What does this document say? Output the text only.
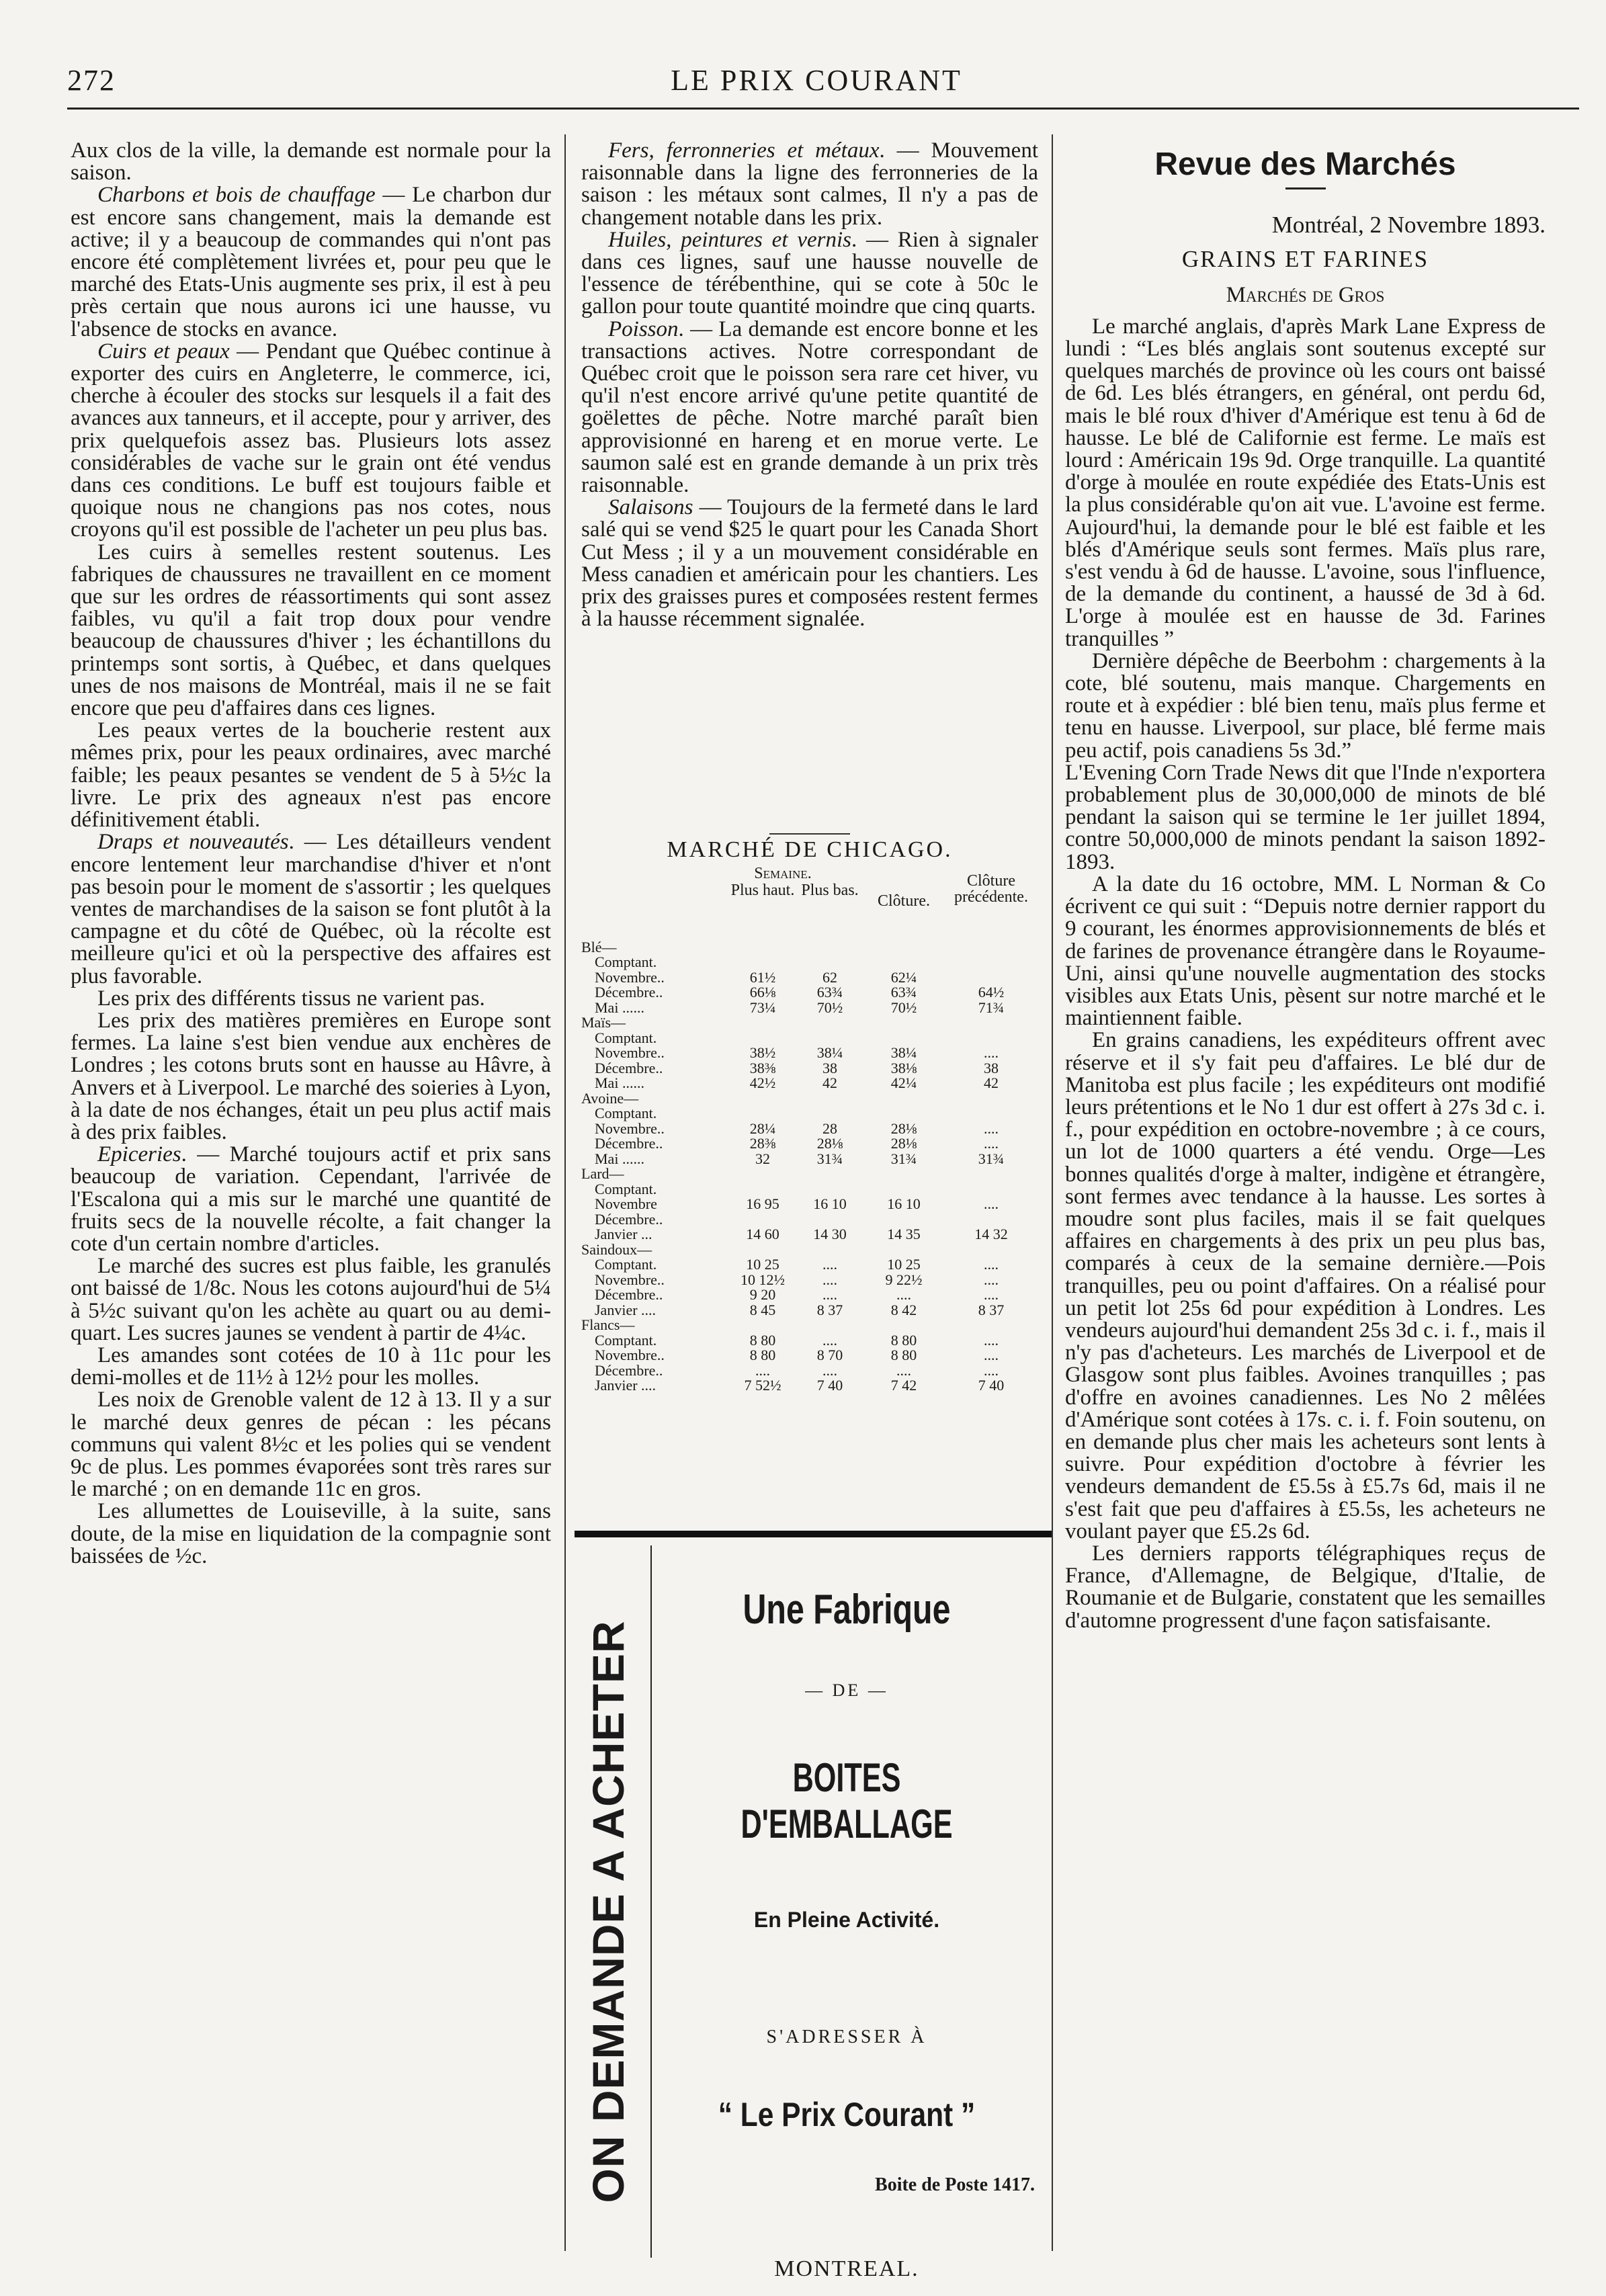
272	LE PRIX COURANT

Aux clos de la ville, la demande est normale pour la saison.

Charbons et bois de chauffage — Le charbon dur est encore sans changement, mais la demande est active; il y a beaucoup de commandes qui n'ont pas encore été complètement livrées et, pour peu que le marché des Etats-Unis augmente ses prix, il est à peu près certain que nous aurons ici une hausse, vu l'absence de stocks en avance.

Cuirs et peaux — Pendant que Québec continue à exporter des cuirs en Angleterre, le commerce, ici, cherche à écouler des stocks sur lesquels il a fait des avances aux tanneurs, et il accepte, pour y arriver, des prix quelquefois assez bas. Plusieurs lots assez considérables de vache sur le grain ont été vendus dans ces conditions. Le buff est toujours faible et quoique nous ne changions pas nos cotes, nous croyons qu'il est possible de l'acheter un peu plus bas.

Les cuirs à semelles restent soutenus. Les fabriques de chaussures ne travaillent en ce moment que sur les ordres de réassortiments qui sont assez faibles, vu qu'il a fait trop doux pour vendre beaucoup de chaussures d'hiver ; les échantillons du printemps sont sortis, à Québec, et dans quelques unes de nos maisons de Montréal, mais il ne se fait encore que peu d'affaires dans ces lignes.

Les peaux vertes de la boucherie restent aux mêmes prix, pour les peaux ordinaires, avec marché faible; les peaux pesantes se vendent de 5 à 5½c la livre. Le prix des agneaux n'est pas encore définitivement établi.

Draps et nouveautés. — Les détailleurs vendent encore lentement leur marchandise d'hiver et n'ont pas besoin pour le moment de s'assortir ; les quelques ventes de marchandises de la saison se font plutôt à la campagne et du côté de Québec, où la récolte est meilleure qu'ici et où la perspective des affaires est plus favorable.

Les prix des différents tissus ne varient pas.

Les prix des matières premières en Europe sont fermes. La laine s'est bien vendue aux enchères de Londres ; les cotons bruts sont en hausse au Hâvre, à Anvers et à Liverpool. Le marché des soieries à Lyon, à la date de nos échanges, était un peu plus actif mais à des prix faibles.

Epiceries. — Marché toujours actif et prix sans beaucoup de variation. Cependant, l'arrivée de l'Escalona qui a mis sur le marché une quantité de fruits secs de la nouvelle récolte, a fait changer la cote d'un certain nombre d'articles.

Le marché des sucres est plus faible, les granulés ont baissé de 1/8c. Nous les cotons aujourd'hui de 5¼ à 5½c suivant qu'on les achète au quart ou au demi-quart. Les sucres jaunes se vendent à partir de 4¼c.

Les amandes sont cotées de 10 à 11c pour les demi-molles et de 11½ à 12½ pour les molles.

Les noix de Grenoble valent de 12 à 13. Il y a sur le marché deux genres de pécan : les pécans communs qui valent 8½c et les polies qui se vendent 9c de plus. Les pommes évaporées sont très rares sur le marché ; on en demande 11c en gros.

Les allumettes de Louiseville, à la suite, sans doute, de la mise en liquidation de la compagnie sont baissées de ½c.

Fers, ferronneries et métaux. — Mouvement raisonnable dans la ligne des ferronneries de la saison : les métaux sont calmes, Il n'y a pas de changement notable dans les prix.

Huiles, peintures et vernis. — Rien à signaler dans ces lignes, sauf une hausse nouvelle de l'essence de térébenthine, qui se cote à 50c le gallon pour toute quantité moindre que cinq quarts.

Poisson. — La demande est encore bonne et les transactions actives. Notre correspondant de Québec croit que le poisson sera rare cet hiver, vu qu'il n'est encore arrivé qu'une petite quantité de goëlettes de pêche. Notre marché paraît bien approvisionné en hareng et en morue verte. Le saumon salé est en grande demande à un prix très raisonnable.

Salaisons — Toujours de la fermeté dans le lard salé qui se vend $25 le quart pour les Canada Short Cut Mess ; il y a un mouvement considérable en Mess canadien et américain pour les chantiers. Les prix des graisses pures et composées restent fermes à la hausse récemment signalée.

MARCHÉ DE CHICAGO.
Semaine.
Plus haut. Plus bas.
Clôture.
Clôture précédente.
Blé—
Comptant.
Novembre..	61½	62	62¼
Décembre..	66⅛	63¾	63¾	64½
Mai ......	73¼	70½	70½	71¾
Maïs—
Comptant.
Novembre..	38½	38¼	38¼	....
Décembre..	38⅜	38	38⅛	38
Mai ......	42½	42	42¼	42
Avoine—
Comptant.
Novembre..	28¼	28	28⅛	....
Décembre..	28⅜	28⅛	28⅛	....
Mai ......	32	31¾	31¾	31¾
Lard—
Comptant.
Novembre	16 95	16 10	16 10	....
Décembre..
Janvier ...	14 60	14 30	14 35	14 32
Saindoux—
Comptant.	10 25	....	10 25	....
Novembre..	10 12½	....	9 22½	....
Décembre..	9 20	....	....	....
Janvier ....	8 45	8 37	8 42	8 37
Flancs—
Comptant.	8 80	....	8 80	....
Novembre..	8 80	8 70	8 80	....
Décembre..	....	....	....	....
Janvier ....	7 52½	7 40	7 42	7 40
ON DEMANDE A ACHETER
Une Fabrique
— DE —
BOITES D'EMBALLAGE
En Pleine Activité.
S'ADRESSER À
“ Le Prix Courant ”
Boite de Poste 1417.
MONTREAL.
Revue des Marchés
Montréal, 2 Novembre 1893.
GRAINS ET FARINES
Marchés de Gros

Le marché anglais, d'après Mark Lane Express de lundi : “Les blés anglais sont soutenus excepté sur quelques marchés de province où les cours ont baissé de 6d. Les blés étrangers, en général, ont perdu 6d, mais le blé roux d'hiver d'Amérique est tenu à 6d de hausse. Le blé de Californie est ferme. Le maïs est lourd : Américain 19s 9d. Orge tranquille. La quantité d'orge à moulée en route expédiée des Etats-Unis est la plus considérable qu'on ait vue. L'avoine est ferme. Aujourd'hui, la demande pour le blé est faible et les blés d'Amérique seuls sont fermes. Maïs plus rare, s'est vendu à 6d de hausse. L'avoine, sous l'influence, de la demande du continent, a haussé de 3d à 6d. L'orge à moulée est en hausse de 3d. Farines tranquilles ”

Dernière dépêche de Beerbohm : chargements à la cote, blé soutenu, mais manque. Chargements en route et à expédier : blé bien tenu, maïs plus ferme et tenu en hausse. Liverpool, sur place, blé ferme mais peu actif, pois canadiens 5s 3d.”

L'Evening Corn Trade News dit que l'Inde n'exportera probablement plus de 30,000,000 de minots de blé pendant la saison qui se termine le 1er juillet 1894, contre 50,000,000 de minots pendant la saison 1892-1893.

A la date du 16 octobre, MM. L Norman & Co écrivent ce qui suit : “Depuis notre dernier rapport du 9 courant, les énormes approvisionnements de blés et de farines de provenance étrangère dans le Royaume-Uni, ainsi qu'une nouvelle augmentation des stocks visibles aux Etats Unis, pèsent sur notre marché et le maintiennent faible.

En grains canadiens, les expéditeurs offrent avec réserve et il s'y fait peu d'affaires. Le blé dur de Manitoba est plus facile ; les expéditeurs ont modifié leurs prétentions et le No 1 dur est offert à 27s 3d c. i. f., pour expédition en octobre-novembre ; à ce cours, un lot de 1000 quarters a été vendu. Orge—Les bonnes qualités d'orge à malter, indigène et étrangère, sont fermes avec tendance à la hausse. Les sortes à moudre sont plus faciles, mais il se fait quelques affaires en chargements à des prix un peu plus bas, comparés à ceux de la semaine dernière.—Pois tranquilles, peu ou point d'affaires. On a réalisé pour un petit lot 25s 6d pour expédition à Londres. Les vendeurs aujourd'hui demandent 25s 3d c. i. f., mais il n'y pas d'acheteurs. Les marchés de Liverpool et de Glasgow sont plus faibles. Avoines tranquilles ; pas d'offre en avoines canadiennes. Les No 2 mêlées d'Amérique sont cotées à 17s. c. i. f. Foin soutenu, on en demande plus cher mais les acheteurs sont lents à suivre. Pour expédition d'octobre à février les vendeurs demandent de £5.5s à £5.7s 6d, mais il ne s'est fait que peu d'affaires à £5.5s, les acheteurs ne voulant payer que £5.2s 6d.

Les derniers rapports télégraphiques reçus de France, d'Allemagne, de Belgique, d'Italie, de Roumanie et de Bulgarie, constatent que les semailles d'automne progressent d'une façon satisfaisante.
